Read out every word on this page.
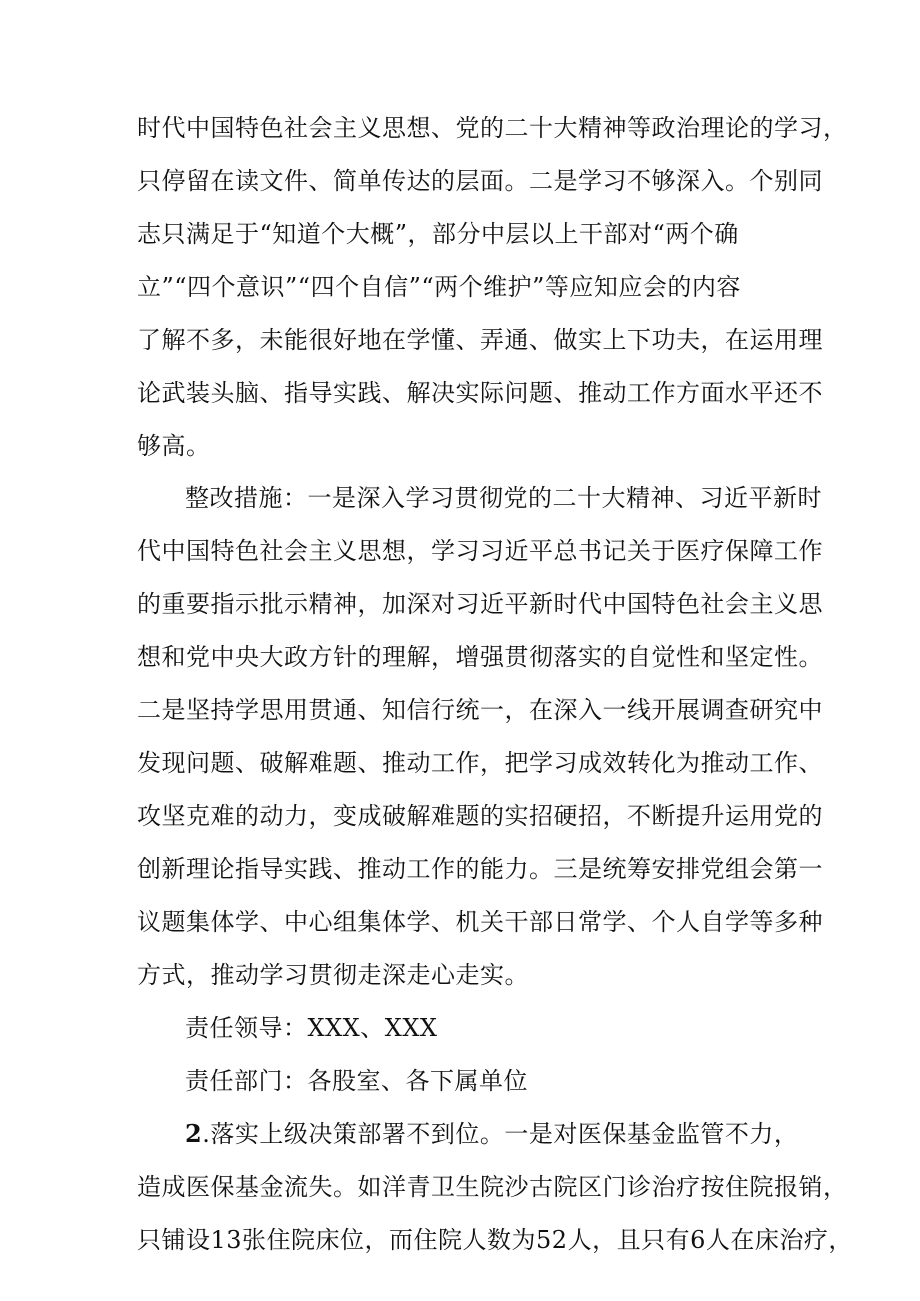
时代中国特色社会主义思想、党的二十大精神等政治理论的学习，
只停留在读文件、简单传达的层面。二是学习不够深入。个别同
志只满足于“知道个大概”，部分中层以上干部对“两个确
立”“四个意识”“四个自信”“两个维护”等应知应会的内容
了解不多，未能很好地在学懂、弄通、做实上下功夫，在运用理
论武装头脑、指导实践、解决实际问题、推动工作方面水平还不
够高。
整改措施：一是深入学习贯彻党的二十大精神、习近平新时
代中国特色社会主义思想，学习习近平总书记关于医疗保障工作
的重要指示批示精神，加深对习近平新时代中国特色社会主义思
想和党中央大政方针的理解，增强贯彻落实的自觉性和坚定性。
二是坚持学思用贯通、知信行统一，在深入一线开展调查研究中
发现问题、破解难题、推动工作，把学习成效转化为推动工作、
攻坚克难的动力，变成破解难题的实招硬招，不断提升运用党的
创新理论指导实践、推动工作的能力。三是统筹安排党组会第一
议题集体学、中心组集体学、机关干部日常学、个人自学等多种
方式，推动学习贯彻走深走心走实。
责任领导：XXX、XXX
责任部门：各股室、各下属单位
2.落实上级决策部署不到位。一是对医保基金监管不力，
造成医保基金流失。如洋青卫生院沙古院区门诊治疗按住院报销，
只铺设13张住院床位，而住院人数为52人，且只有6人在床治疗，
